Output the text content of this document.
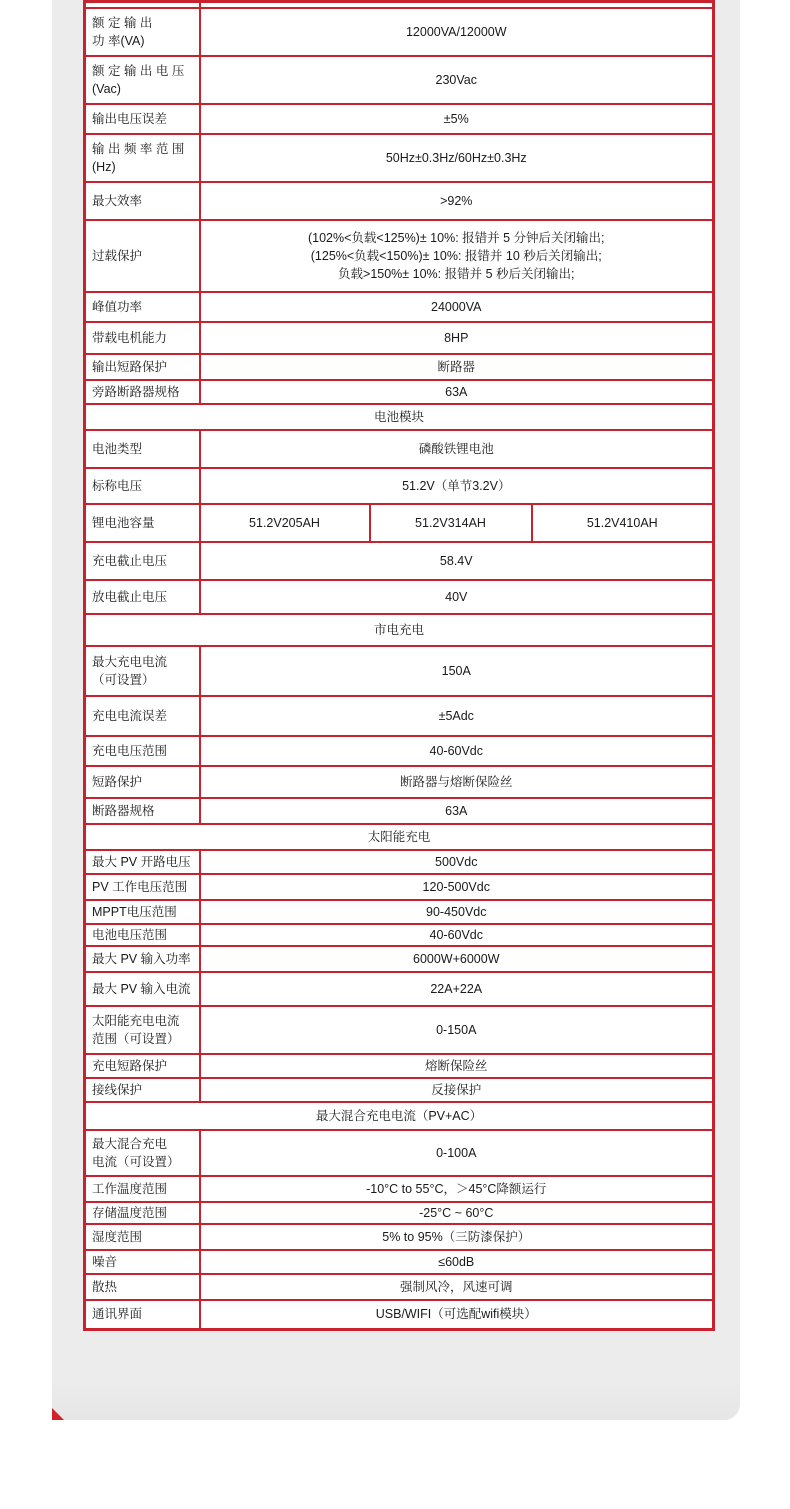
额 定 输 出
功 率(VA)	12000VA/12000W		
额 定 输 出 电 压
(Vac)	230Vac		
输出电压误差	±5%		
输 出 频 率 范 围
(Hz)	50Hz±0.3Hz/60Hz±0.3Hz		
最大效率	>92%		
过载保护	(102%<负载<125%)± 10%: 报错并 5 分钟后关闭输出;
(125%<负载<150%)± 10%: 报错并 10 秒后关闭输出;
负载>150%± 10%: 报错并 5 秒后关闭输出;		
峰值功率	24000VA		
带载电机能力	8HP		
输出短路保护	断路器		
旁路断路器规格	63A		
电池模块			
电池类型	磷酸铁锂电池		
标称电压	51.2V（单节3.2V）		
锂电池容量	51.2V205AH	51.2V314AH	51.2V410AH
充电截止电压	58.4V		
放电截止电压	40V		
市电充电			
最大充电电流
（可设置）	150A		
充电电流误差	±5Adc		
充电电压范围	40-60Vdc		
短路保护	断路器与熔断保险丝		
断路器规格	63A		
太阳能充电			
最大 PV 开路电压	500Vdc		
PV 工作电压范围	120-500Vdc		
MPPT电压范围	90-450Vdc		
电池电压范围	40-60Vdc		
最大 PV 输入功率	6000W+6000W		
最大 PV 输入电流	22A+22A		
太阳能充电电流
范围（可设置）	0-150A		
充电短路保护	熔断保险丝		
接线保护	反接保护		
最大混合充电电流（PV+AC）			
最大混合充电
电流（可设置）	0-100A		
工作温度范围	-10°C to 55°C，＞45°C降额运行		
存储温度范围	-25°C ~ 60°C		
湿度范围	5% to 95%（三防漆保护）		
噪音	≤60dB		
散热	强制风冷，风速可调		
通讯界面	USB/WIFI（可选配wifi模块）		
